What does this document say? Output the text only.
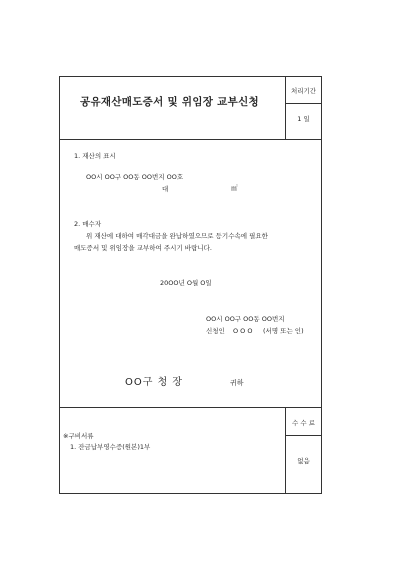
공유재산매도증서 및 위임장 교부신청
처리기간
1 일
1. 재산의 표시
OO시 OO구 OO동 OO번지 OO호
대	㎡
2. 매수자
위 재산에 대하여 매각대금을 완납하였으므로 등기수속에 필요한
매도증서 및 위임장을 교부하여 주시기 바랍니다.
20OO년 O월 O일
OO시 OO구 OO동 OO번지
신청인 O O O (서명 또는 인)
OO구 청 장	귀하
※구비서류
1. 잔금납부영수증(원본)1부
수 수 료
없음
